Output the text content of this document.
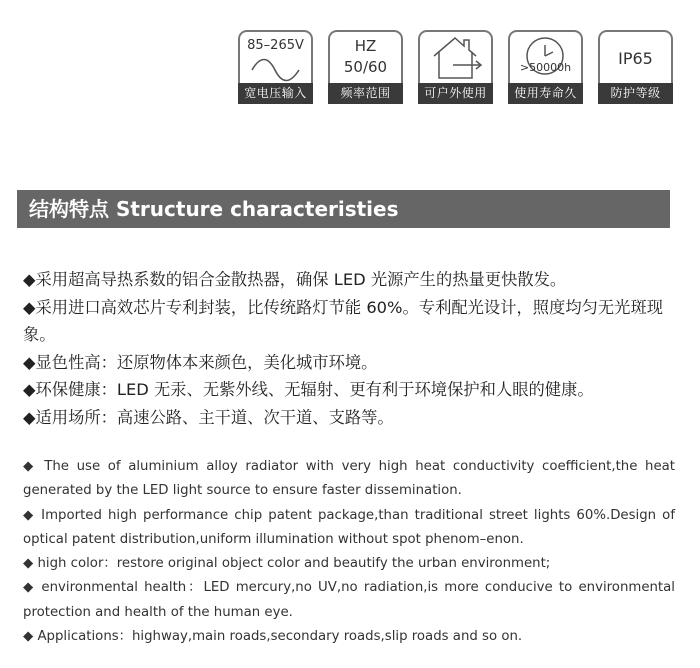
85–265V
宽电压输入
HZ
50/60
频率范围	可户外使用
>50000h
使用寿命久
IP65
防护等级
结构特点 Structure characteristies

◆采用超高导热系数的铝合金散热器，确保 LED 光源产生的热量更快散发。

◆采用进口高效芯片专利封装，比传统路灯节能 60%。专利配光设计，照度均匀无光斑现象。

◆显色性高：还原物体本来颜色，美化城市环境。

◆环保健康：LED 无汞、无紫外线、无辐射、更有利于环境保护和人眼的健康。

◆适用场所：高速公路、主干道、次干道、支路等。

◆ The use of aluminium alloy radiator with very high heat conductivity coefficient,the heat generated by the LED light source to ensure faster dissemination.

◆ Imported high performance chip patent package,than traditional street lights 60%.Design of optical patent distribution,uniform illumination without spot phenom–enon.

◆ high color：restore original object color and beautify the urban environment;

◆ environmental health：LED mercury,no UV,no radiation,is more conducive to environmental protection and health of the human eye.

◆ Applications：highway,main roads,secondary roads,slip roads and so on.
